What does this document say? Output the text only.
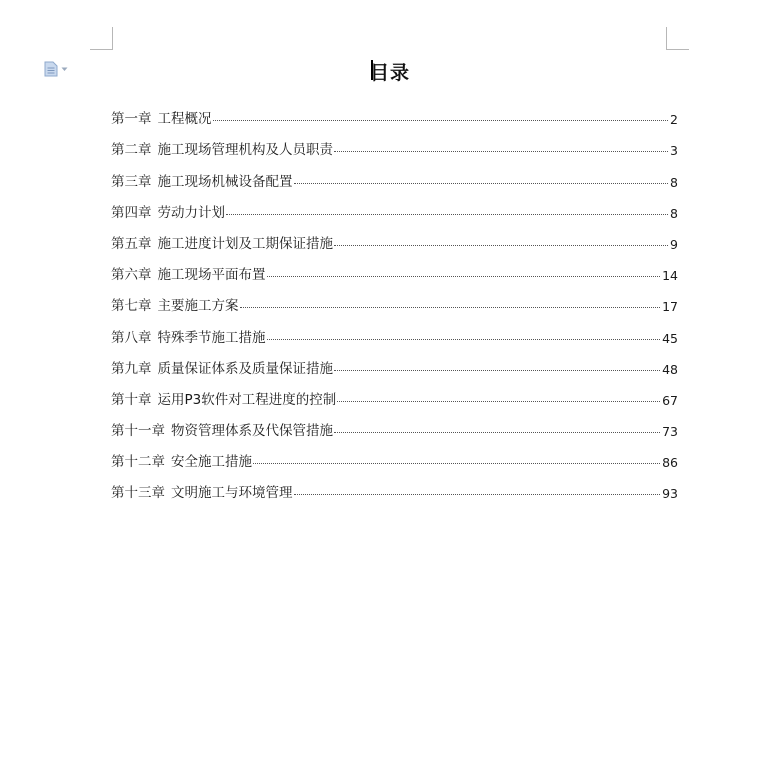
目录
第一章 工程概况	2
第二章 施工现场管理机构及人员职责	3
第三章 施工现场机械设备配置	8
第四章 劳动力计划	8
第五章 施工进度计划及工期保证措施	9
第六章 施工现场平面布置	14
第七章 主要施工方案	17
第八章 特殊季节施工措施	45
第九章 质量保证体系及质量保证措施	48
第十章 运用P3软件对工程进度的控制	67
第十一章 物资管理体系及代保管措施	73
第十二章 安全施工措施	86
第十三章 文明施工与环境管理	93
